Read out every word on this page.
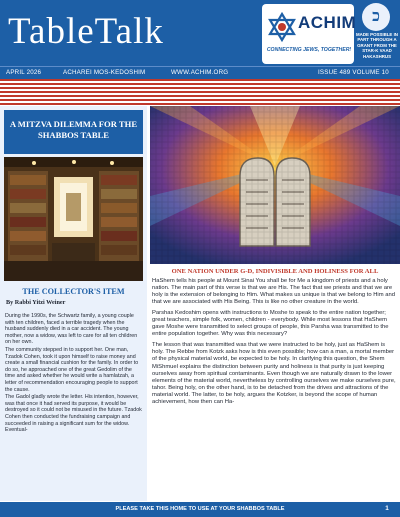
TableTalk	ACHIM
CONNECTING JEWS, TOGETHER!
כ
MADE POSSIBLE IN PART THROUGH A GRANT FROM THE STAR-K VAAD HAKASHRUS
APRIL 2026	ACHAREI MOS-KEDOSHIM	WWW.ACHIM.ORG	ISSUE 489 VOLUME 10
A MITZVA DILEMMA FOR THE SHABBOS TABLE
THE COLLECTOR'S ITEM
By Rabbi Yitzi Weiner

During the 1990s, the Schwartz family, a young couple with ten children, faced a terrible tragedy when the husband suddenly died in a car accident. The young mother, now a widow, was left to care for all ten children on her own.

The community stepped in to support her. One man, Tzadok Cohen, took it upon himself to raise money and create a small financial cushion for the family. In order to do so, he approached one of the great Gedolim of the time and asked whether he would write a hamlatzah, a letter of recommendation encouraging people to support the cause.

The Gadol gladly wrote the letter. His intention, however, was that once it had served its purpose, it would be destroyed so it could not be misused in the future. Tzadok Cohen then conducted the fundraising campaign and succeeded in raising a significant sum for the widow. Eventual-

ONE NATION UNDER G-D, INDIVISIBLE AND HOLINESS FOR ALL

HaShem tells his people at Mount Sinai You shall be for Me a kingdom of priests and a holy nation. The main part of this verse is that we are His. The fact that we priests and that we are holy is the extension of belonging to Him. What makes us unique is that we belong to Him and that we are associated with His Being. This is like no other creature in the world.

Parshas Kedoshim opens with instructions to Moshe to speak to the entire nation together; great teachers, simple folk, women, children - everybody. While most lessons that HaShem gave Moshe were transmitted to select groups of people, this Parsha was transmitted to the entire population together. Why was this necessary?

The lesson that was transmitted was that we were instructed to be holy, just as HaShem is holy. The Rebbe from Kotzk asks how is this even possible; how can a man, a mortal member of the physical material world, be expected to be holy. In clarifying this question, the Shem MiShmuel explains the distinction between purity and holiness is that purity is just keeping ourselves away from spiritual contaminants. Even though we are naturally drawn to the lower elements of the material world, nevertheless by controlling ourselves we make ourselves pure, tahor. Being holy, on the other hand, is to be detached from the drives and attractions of the material world. The latter, to be holy, argues the Kotzker, is beyond the scope of human achievement, how then can Ha-

PLEASE TAKE THIS HOME TO USE AT YOUR SHABBOS TABLE	1
